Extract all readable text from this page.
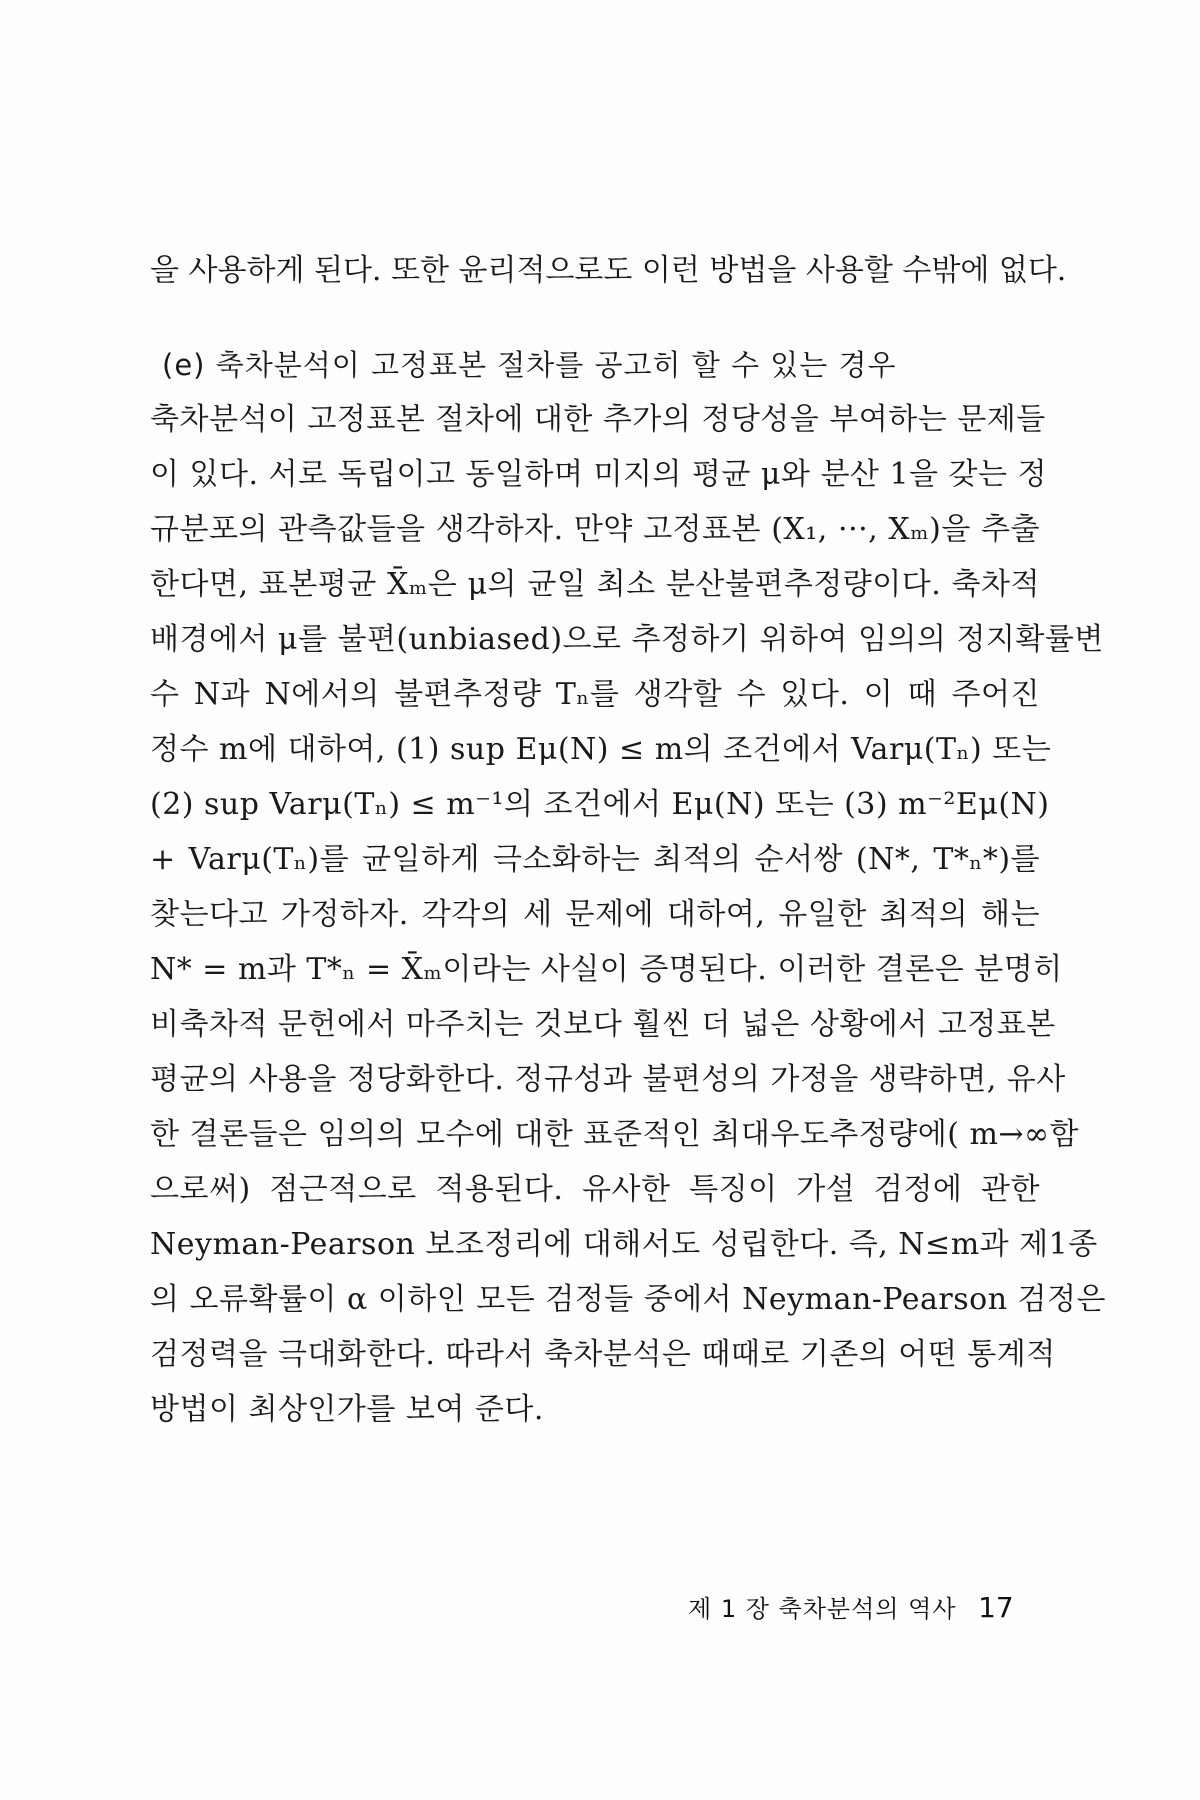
을 사용하게 된다. 또한 윤리적으로도 이런 방법을 사용할 수밖에 없다.
(e) 축차분석이 고정표본 절차를 공고히 할 수 있는 경우
축차분석이 고정표본 절차에 대한 추가의 정당성을 부여하는 문제들
이 있다. 서로 독립이고 동일하며 미지의 평균 μ와 분산 1을 갖는 정
규분포의 관측값들을 생각하자. 만약 고정표본 (X₁, ···, Xₘ)을 추출
한다면, 표본평균 X̄ₘ은 μ의 균일 최소 분산불편추정량이다. 축차적
배경에서 μ를 불편(unbiased)으로 추정하기 위하여 임의의 정지확률변
수 N과 N에서의 불편추정량 Tₙ를 생각할 수 있다. 이 때 주어진
정수 m에 대하여, (1) sup Eμ(N) ≤ m의 조건에서 Varμ(Tₙ) 또는
(2) sup Varμ(Tₙ) ≤ m⁻¹의 조건에서 Eμ(N) 또는 (3) m⁻²Eμ(N)
+ Varμ(Tₙ)를 균일하게 극소화하는 최적의 순서쌍 (N*, T*ₙ*)를
찾는다고 가정하자. 각각의 세 문제에 대하여, 유일한 최적의 해는
N* = m과 T*ₙ = X̄ₘ이라는 사실이 증명된다. 이러한 결론은 분명히
비축차적 문헌에서 마주치는 것보다 훨씬 더 넓은 상황에서 고정표본
평균의 사용을 정당화한다. 정규성과 불편성의 가정을 생략하면, 유사
한 결론들은 임의의 모수에 대한 표준적인 최대우도추정량에( m→∞함
으로써) 점근적으로 적용된다. 유사한 특징이 가설 검정에 관한
Neyman-Pearson 보조정리에 대해서도 성립한다. 즉, N≤m과 제1종
의 오류확률이 α 이하인 모든 검정들 중에서 Neyman-Pearson 검정은
검정력을 극대화한다. 따라서 축차분석은 때때로 기존의 어떤 통계적
방법이 최상인가를 보여 준다.
제 1 장 축차분석의 역사 17
